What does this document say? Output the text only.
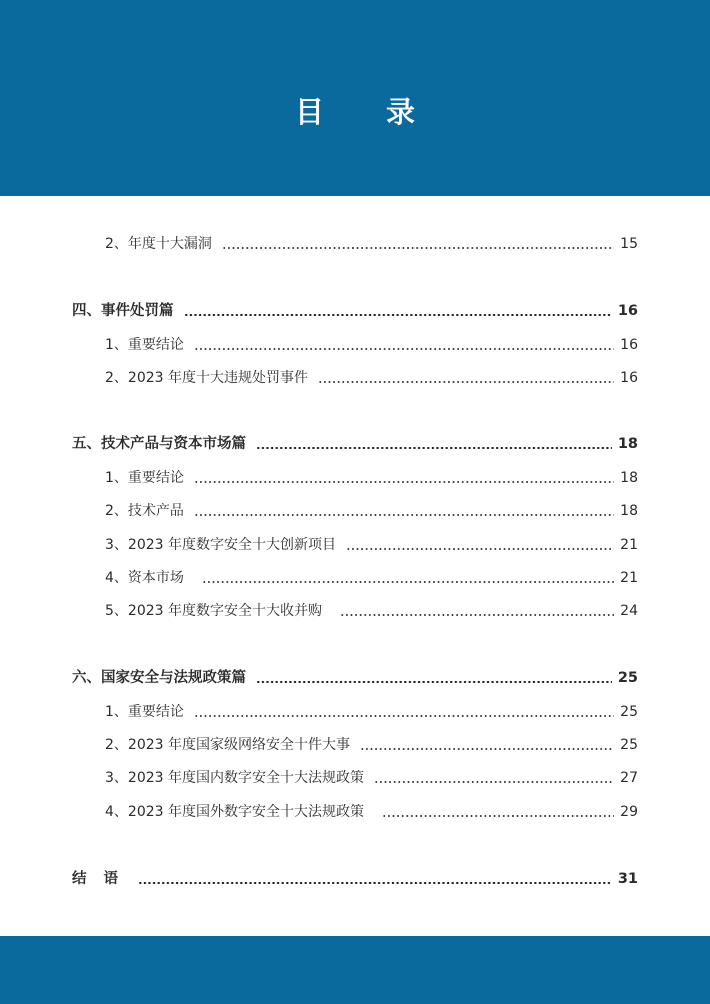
目 录
2、年度十大漏洞	15
四、事件处罚篇	16
1、重要结论	16
2、2023 年度十大违规处罚事件	16
五、技术产品与资本市场篇	18
1、重要结论	18
2、技术产品	18
3、2023 年度数字安全十大创新项目	21
4、资本市场	21
5、2023 年度数字安全十大收并购	24
六、国家安全与法规政策篇	25
1、重要结论	25
2、2023 年度国家级网络安全十件大事	25
3、2023 年度国内数字安全十大法规政策	27
4、2023 年度国外数字安全十大法规政策	29
结 语	31
